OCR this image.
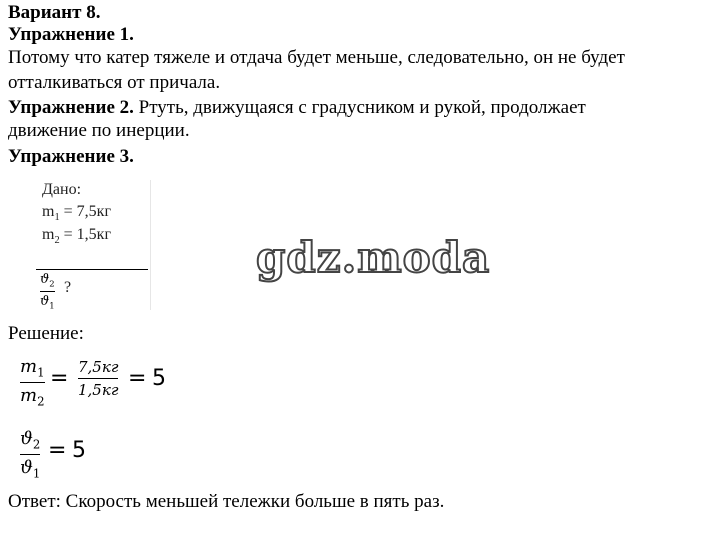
Вариант 8.
Упражнение 1.
Потому что катер тяжеле и отдача будет меньше, следовательно, он не будет
отталкиваться от причала.
Упражнение 2. Ртуть, движущаяся с градусником и рукой, продолжает
движение по инерции.
Упражнение 3.
Дано:
$m_1 = 7,5кг$
$m_2 = 1,5кг$
$ϑ_2$
$ϑ_1$
?
gdz.moda
Решение:
$m_1$
$m_2$
= 7,5кг
1,5кг = 5
$ϑ_2$
$ϑ_1$
= 5
Ответ: Скорость меньшей тележки больше в пять раз.
